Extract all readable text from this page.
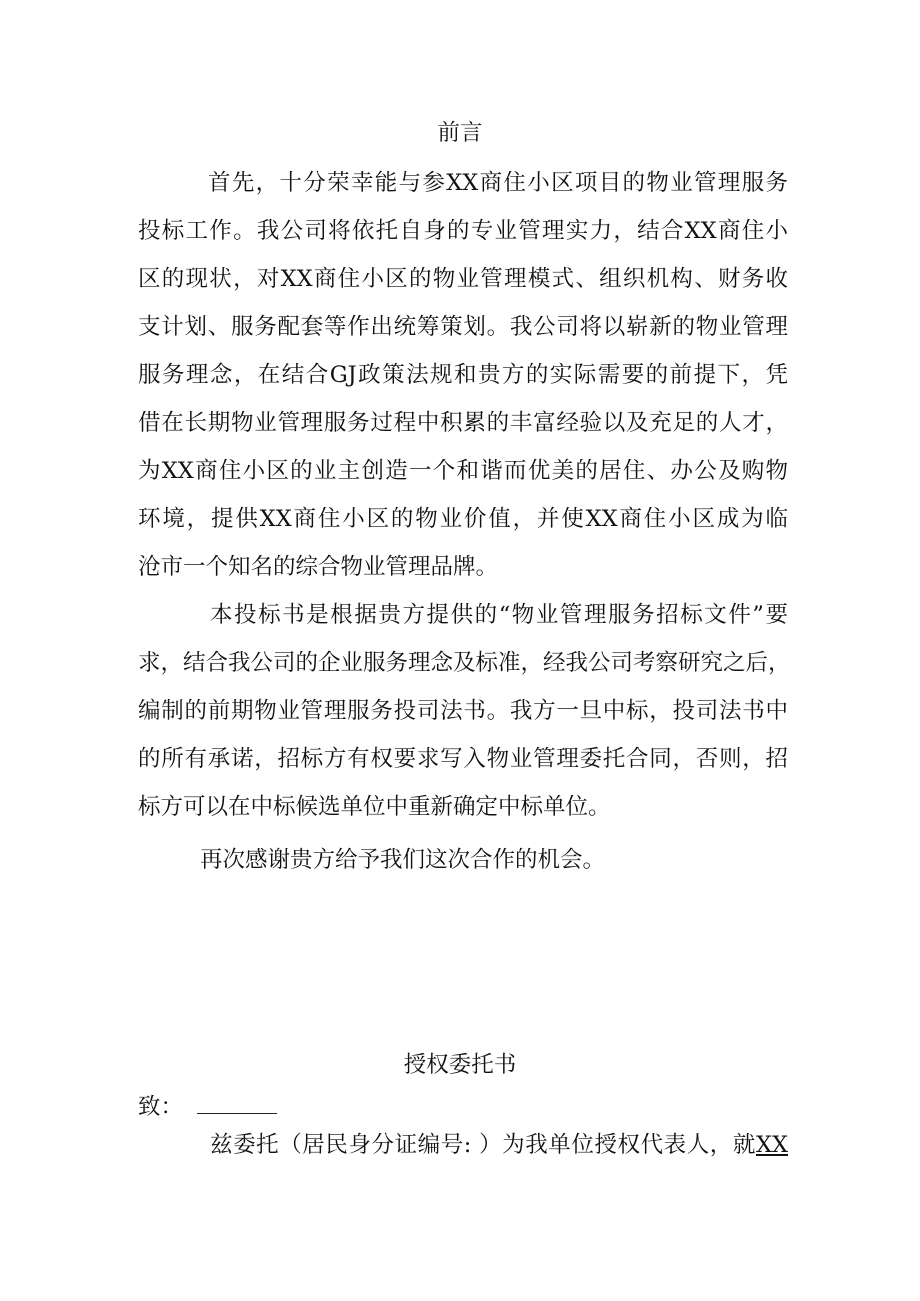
前言
首先，十分荣幸能与参XX商住小区项目的物业管理服务
投标工作。我公司将依托自身的专业管理实力，结合XX商住小
区的现状，对XX商住小区的物业管理模式、组织机构、财务收
支计划、服务配套等作出统筹策划。我公司将以崭新的物业管理
服务理念，在结合GJ政策法规和贵方的实际需要的前提下，凭
借在长期物业管理服务过程中积累的丰富经验以及充足的人才，
为XX商住小区的业主创造一个和谐而优美的居住、办公及购物
环境，提供XX商住小区的物业价值，并使XX商住小区成为临
沧市一个知名的综合物业管理品牌。
本投标书是根据贵方提供的“物业管理服务招标文件”要
求，结合我公司的企业服务理念及标准，经我公司考察研究之后，
编制的前期物业管理服务投司法书。我方一旦中标，投司法书中
的所有承诺，招标方有权要求写入物业管理委托合同，否则，招
标方可以在中标候选单位中重新确定中标单位。
再次感谢贵方给予我们这次合作的机会。
授权委托书
致：
兹委托（居民身分证编号: ）为我单位授权代表人，就XX
